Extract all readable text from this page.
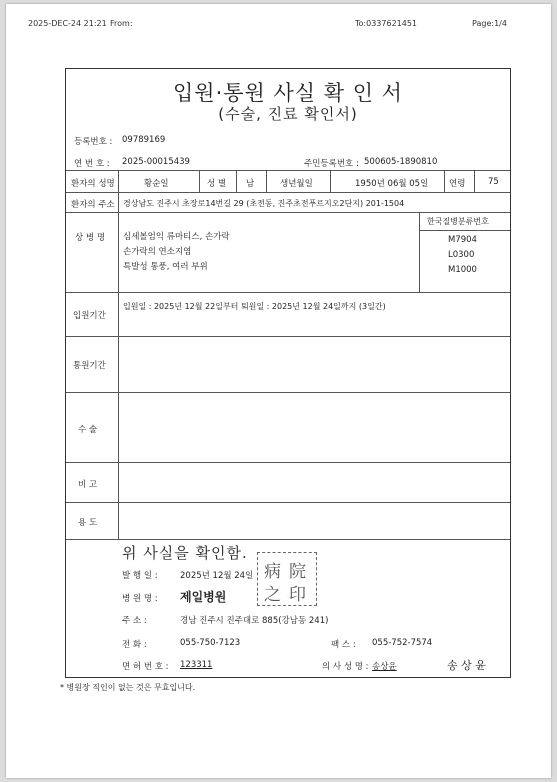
2025-DEC-24 21:21 From:	To:0337621451	Page:1/4
입원·통원 사실 확 인 서
(수술, 진료 확인서)
등록번호 : 09789169
연 번 호 : 2025-00015439	주민등록번호 : 500605-1890810
환자의 성명	황순일	성 별 남	생년월일	1950년 06월 05일 연령	75
환자의 주소 경상남도 진주시 초장로14번길 29 (초전동, 진주초전푸르지오2단지) 201-1504
상 병 명 심세볼엄익 류마티스, 손가락
손가락의 연소지염
특발성 통풍, 여러 부위
한국질병분류번호
M7904
L0300
M1000
입원기간
입원일 : 2025년 12월 22일부터 퇴원일 : 2025년 12월 24일까지 (3일간)
통원기간
수 술
비 고
용 도
위 사실을 확인함.
발 행 일 :	2025년 12월 24일
병 원 명 : 제일병원
주 소 :	경남 진주시 진주대로 885(강남동 241)
전 화 :	055-750-7123	팩 스 : 055-752-7574
면 허 번 호 : 123311	의 사 성 명 : 송상윤	송 상 윤
病 院
之 印
* 병원장 직인이 없는 것은 무효입니다.
